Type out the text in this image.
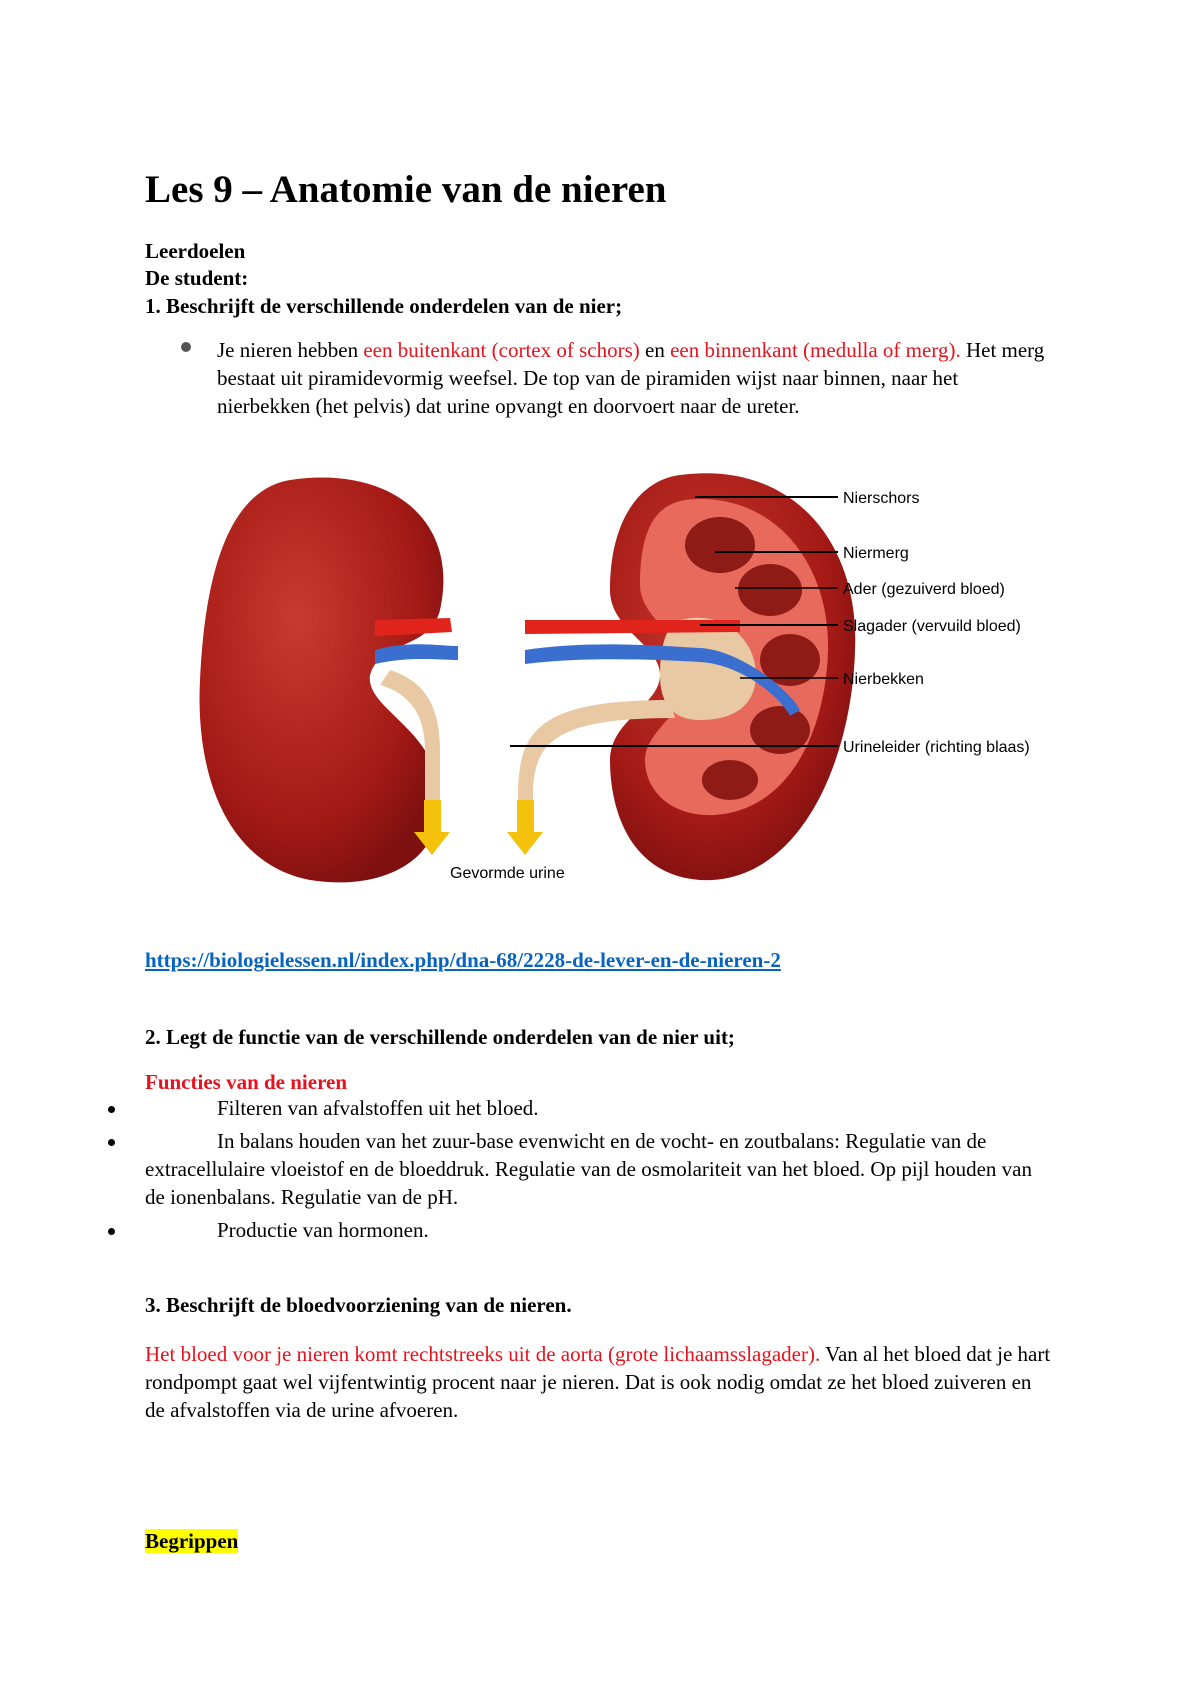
Les 9 – Anatomie van de nieren

Leerdoelen

De student:

1. Beschrijft de verschillende onderdelen van de nier;

Je nieren hebben een buitenkant (cortex of schors) en een binnenkant (medulla of merg). Het merg bestaat uit piramidevormig weefsel. De top van de piramiden wijst naar binnen, naar het nierbekken (het pelvis) dat urine opvangt en doorvoert naar de ureter.

Nierschors
Niermerg
Ader (gezuiverd bloed)
Slagader (vervuild bloed)
Nierbekken
Urineleider (richting blaas)
Gevormde urine
https://biologielessen.nl/index.php/dna-68/2228-de-lever-en-de-nieren-2

2. Legt de functie van de verschillende onderdelen van de nier uit;

Functies van de nieren

Filteren van afvalstoffen uit het bloed.

In balans houden van het zuur-base evenwicht en de vocht- en zoutbalans: Regulatie van de extracellulaire vloeistof en de bloeddruk. Regulatie van de osmolariteit van het bloed. Op pijl houden van de ionenbalans. Regulatie van de pH.

Productie van hormonen.

3. Beschrijft de bloedvoorziening van de nieren.

Het bloed voor je nieren komt rechtstreeks uit de aorta (grote lichaamsslagader). Van al het bloed dat je hart rondpompt gaat wel vijfentwintig procent naar je nieren. Dat is ook nodig omdat ze het bloed zuiveren en de afvalstoffen via de urine afvoeren.

Begrippen
